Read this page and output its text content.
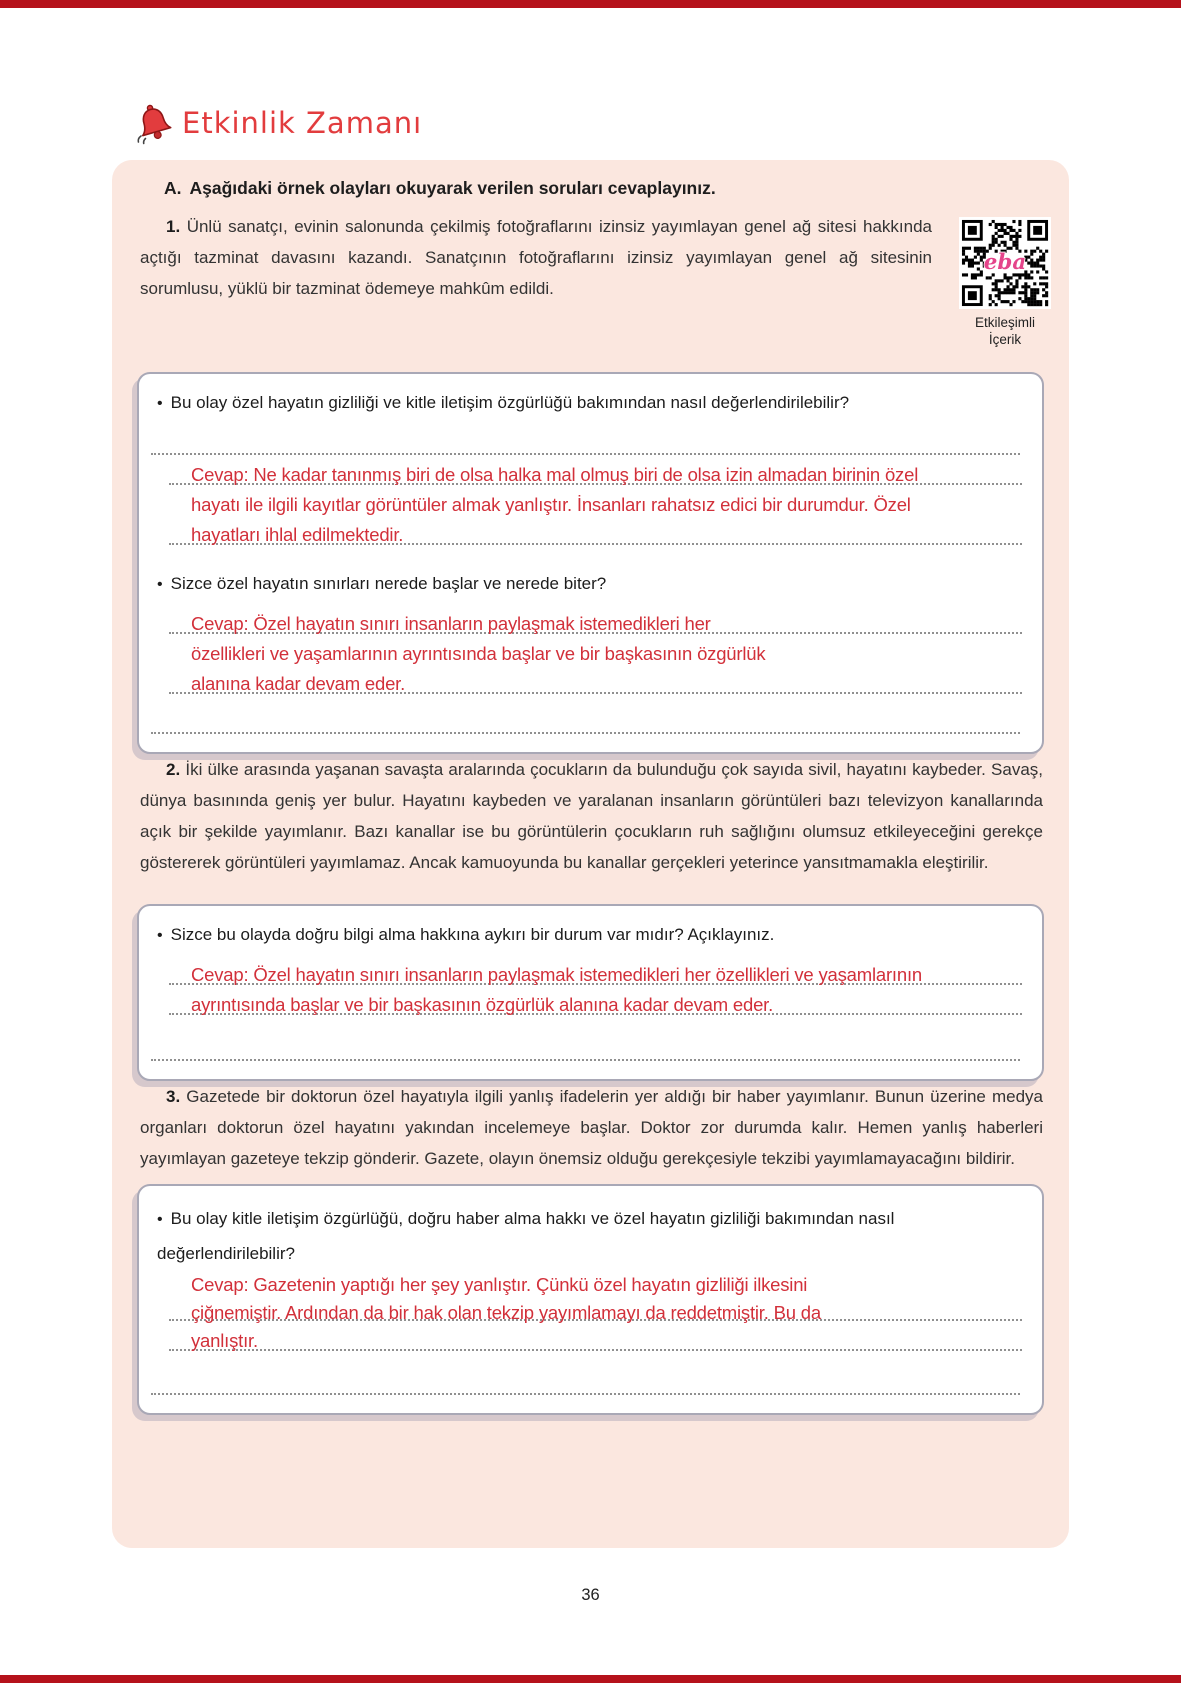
Etkinlik Zamanı
A. Aşağıdaki örnek olayları okuyarak verilen soruları cevaplayınız.

1. Ünlü sanatçı, evinin salonunda çekilmiş fotoğraflarını izinsiz yayımlayan genel ağ sitesi hakkında açtığı tazminat davasını kazandı. Sanatçının fotoğraflarını izinsiz yayımlayan genel ağ sitesinin sorumlusu, yüklü bir tazminat ödemeye mahkûm edildi.

eba
Etkileşimli
İçerik
• Bu olay özel hayatın gizliliği ve kitle iletişim özgürlüğü bakımından nasıl değerlendirilebilir?
Cevap: Ne kadar tanınmış biri de olsa halka mal olmuş biri de olsa izin almadan birinin özel
hayatı ile ilgili kayıtlar görüntüler almak yanlıştır. İnsanları rahatsız edici bir durumdur. Özel
hayatları ihlal edilmektedir.
• Sizce özel hayatın sınırları nerede başlar ve nerede biter?
Cevap: Özel hayatın sınırı insanların paylaşmak istemedikleri her
özellikleri ve yaşamlarının ayrıntısında başlar ve bir başkasının özgürlük
alanına kadar devam eder.

2. İki ülke arasında yaşanan savaşta aralarında çocukların da bulunduğu çok sayıda sivil, hayatını kaybeder. Savaş, dünya basınında geniş yer bulur. Hayatını kaybeden ve yaralanan insanların görüntüleri bazı televizyon kanallarında açık bir şekilde yayımlanır. Bazı kanallar ise bu görüntülerin çocukların ruh sağlığını olumsuz etkileyeceğini gerekçe göstererek görüntüleri yayımlamaz. Ancak kamuoyunda bu kanallar gerçekleri yeterince yansıtmamakla eleştirilir.

• Sizce bu olayda doğru bilgi alma hakkına aykırı bir durum var mıdır? Açıklayınız.
Cevap: Özel hayatın sınırı insanların paylaşmak istemedikleri her özellikleri ve yaşamlarının
ayrıntısında başlar ve bir başkasının özgürlük alanına kadar devam eder.

3. Gazetede bir doktorun özel hayatıyla ilgili yanlış ifadelerin yer aldığı bir haber yayımlanır. Bunun üzerine medya organları doktorun özel hayatını yakından incelemeye başlar. Doktor zor durumda kalır. Hemen yanlış haberleri yayımlayan gazeteye tekzip gönderir. Gazete, olayın önemsiz olduğu gerekçesiyle tekzibi yayımlamayacağını bildirir.

• Bu olay kitle iletişim özgürlüğü, doğru haber alma hakkı ve özel hayatın gizliliği bakımından nasıl değerlendirilebilir?
Cevap: Gazetenin yaptığı her şey yanlıştır. Çünkü özel hayatın gizliliği ilkesini
çiğnemiştir. Ardından da bir hak olan tekzip yayımlamayı da reddetmiştir. Bu da
yanlıştır.
36
